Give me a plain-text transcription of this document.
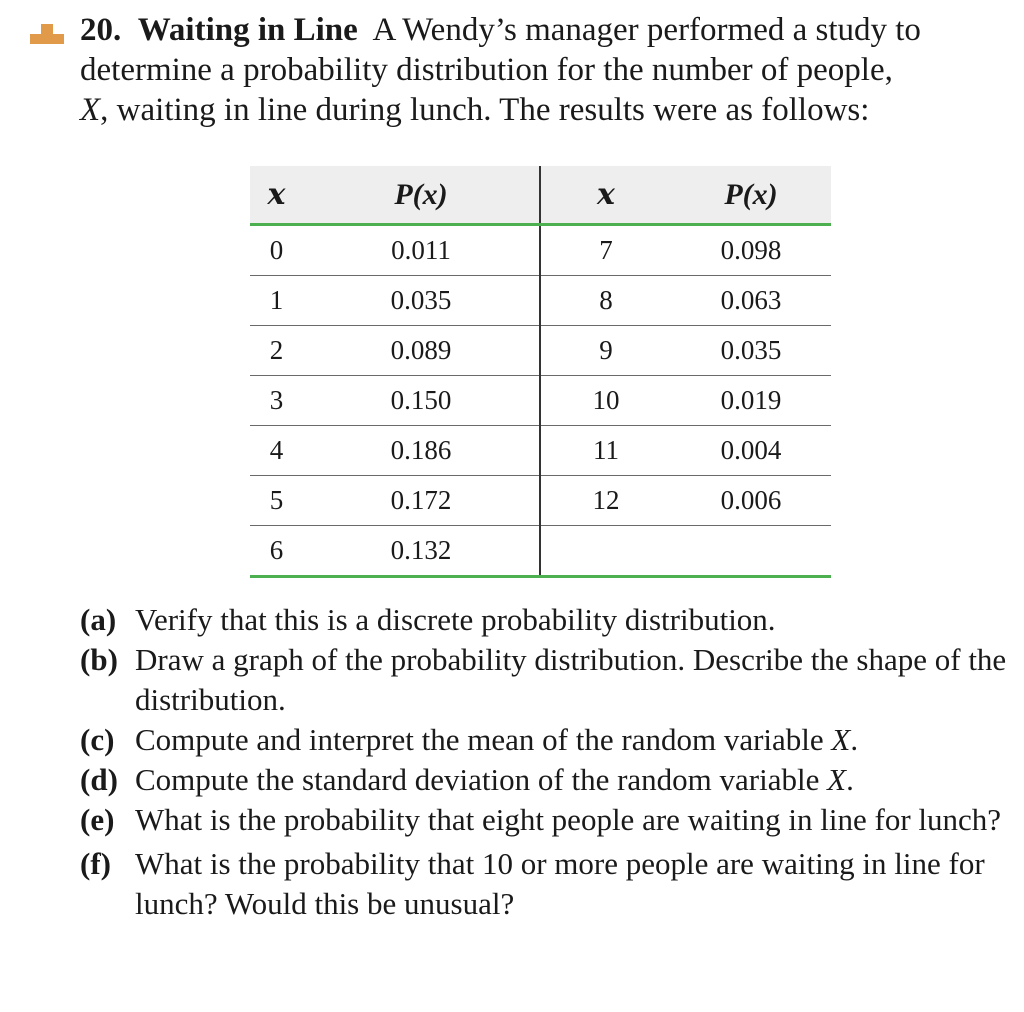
20. Waiting in Line A Wendy’s manager performed a study to determine a probability distribution for the number of people,
X, waiting in line during lunch. The results were as follows:
x	P(x)	x	P(x)
0	0.011	7	0.098
1	0.035	8	0.063
2	0.089	9	0.035
3	0.150	10	0.019
4	0.186	11	0.004
5	0.172	12	0.006
6	0.132		
(a) Verify that this is a discrete probability distribution.
(b) Draw a graph of the probability distribution. Describe the shape of the distribution.
(c) Compute and interpret the mean of the random variable X.
(d) Compute the standard deviation of the random variable X.
(e) What is the probability that eight people are waiting in line for lunch?
(f) What is the probability that 10 or more people are waiting in line for lunch? Would this be unusual?
